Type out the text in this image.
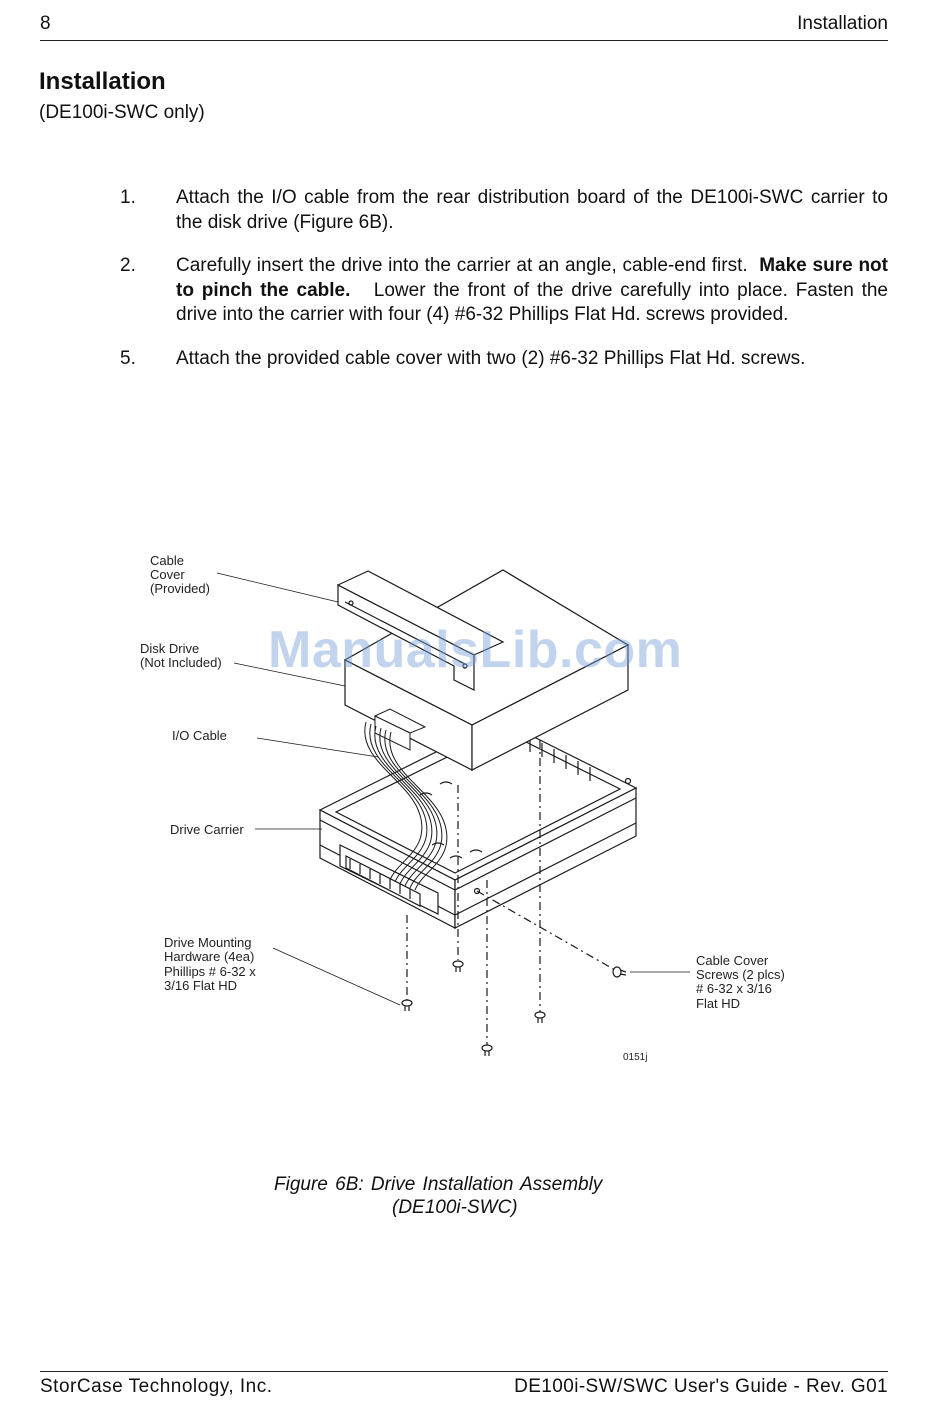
8	Installation
Installation
(DE100i-SWC only)
1.	Attach the I/O cable from the rear distribution board of the DE100i-SWC carrier to the disk drive (Figure 6B).
2.	Carefully insert the drive into the carrier at an angle, cable-end first. Make sure not to pinch the cable. Lower the front of the drive carefully into place. Fasten the drive into the carrier with four (4) #6-32 Phillips Flat Hd. screws provided.
5.	Attach the provided cable cover with two (2) #6-32 Phillips Flat Hd. screws.
Cable Cover (Provided)
Disk Drive (Not Included)
I/O Cable
Drive Carrier
Drive Mounting Hardware (4ea) Phillips # 6-32 x 3/16 Flat HD
Cable Cover Screws (2 plcs) # 6-32 x 3/16 Flat HD
0151j
ManualsLib.com
Figure 6B: Drive Installation Assembly
(DE100i-SWC)
StorCase Technology, Inc.	DE100i-SW/SWC User's Guide - Rev. G01
